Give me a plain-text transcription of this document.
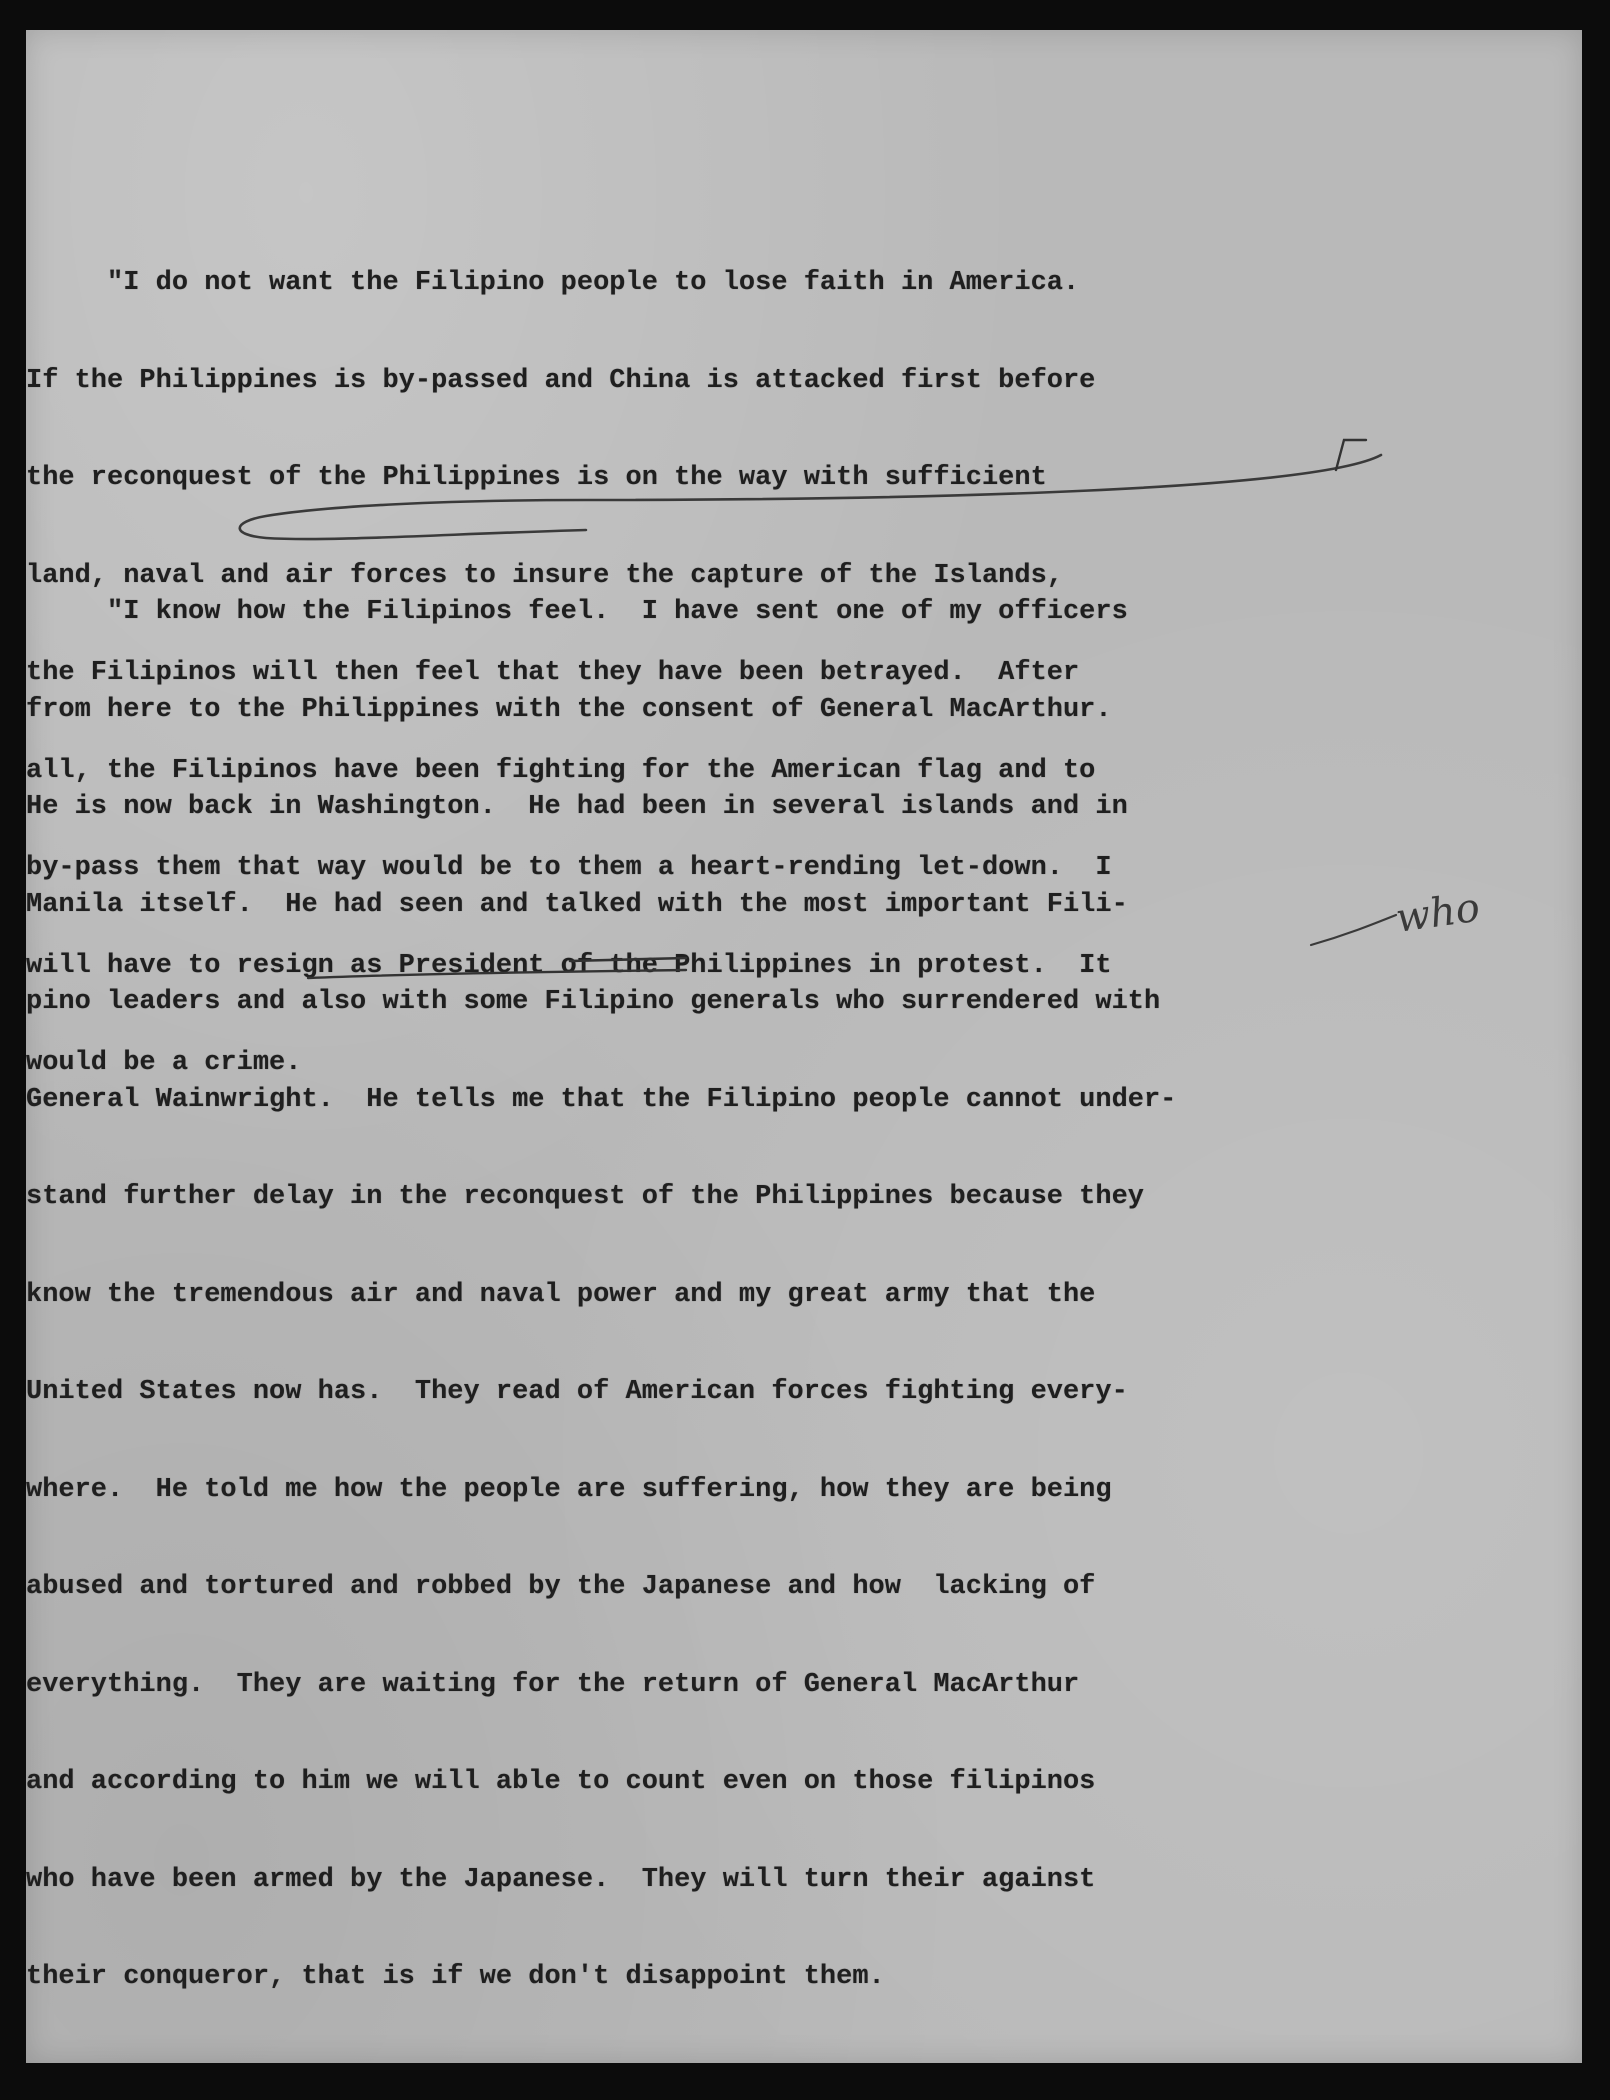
"I do not want the Filipino people to lose faith in America.

If the Philippines is by-passed and China is attacked first before

the reconquest of the Philippines is on the way with sufficient

land, naval and air forces to insure the capture of the Islands,

the Filipinos will then feel that they have been betrayed.  After

all, the Filipinos have been fighting for the American flag and to

by-pass them that way would be to them a heart-rending let-down.  I

will have to resign as President of the Philippines in protest.  It

would be a crime.

"I know how the Filipinos feel.  I have sent one of my officers

from here to the Philippines with the consent of General MacArthur.

He is now back in Washington.  He had been in several islands and in

Manila itself.  He had seen and talked with the most important Fili-

pino leaders and also with some Filipino generals who surrendered with

General Wainwright.  He tells me that the Filipino people cannot under-

stand further delay in the reconquest of the Philippines because they

know the tremendous air and naval power and my great army that the

United States now has.  They read of American forces fighting every-

where.  He told me how the people are suffering, how they are being

abused and tortured and robbed by the Japanese and how  lacking of

everything.  They are waiting for the return of General MacArthur

and according to him we will able to count even on those filipinos

who have been armed by the Japanese.  They will turn their against

their conqueror, that is if we don't disappoint them.

who
